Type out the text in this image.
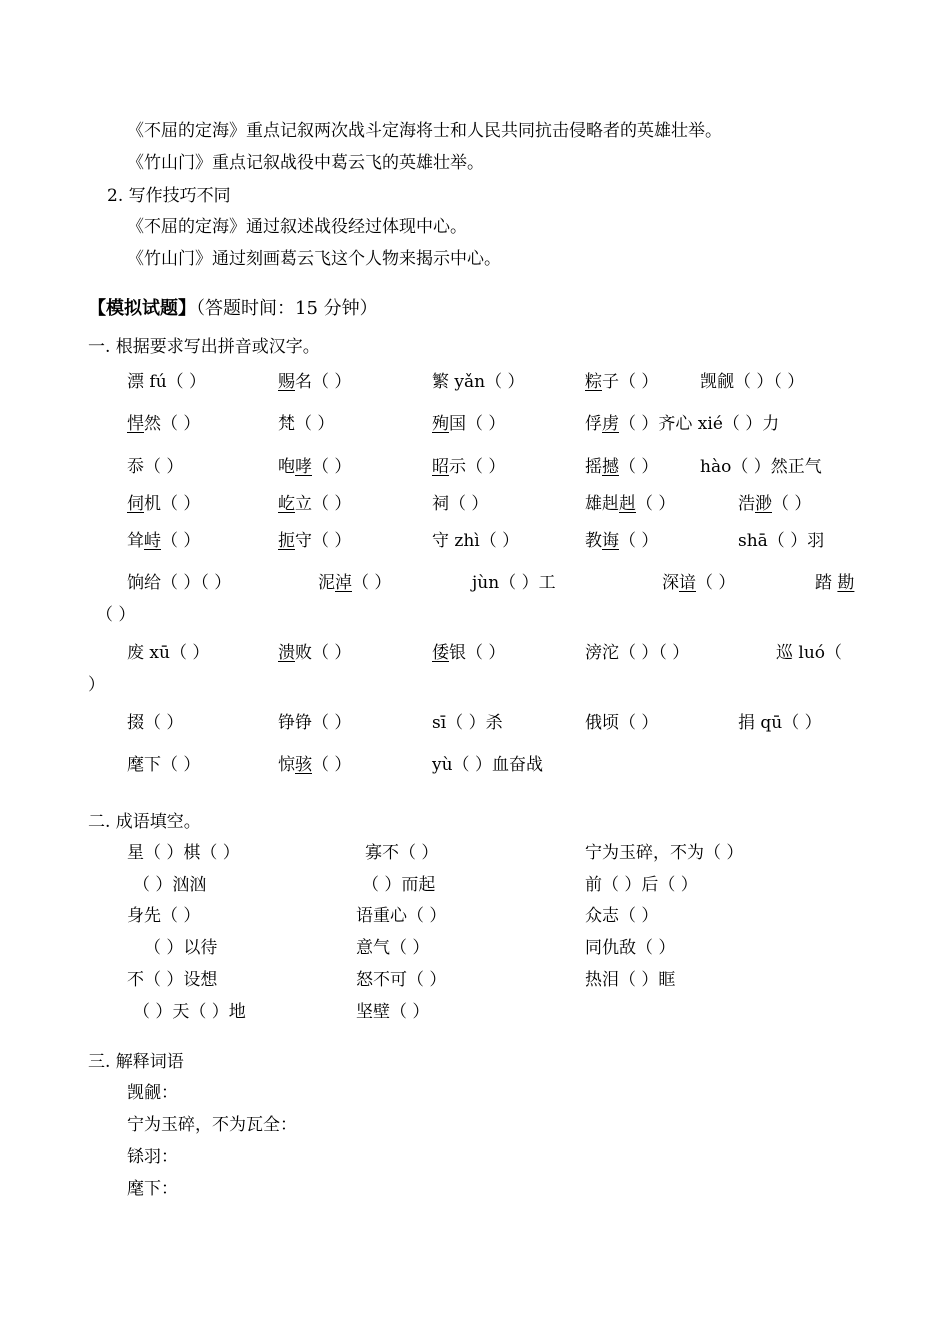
《不屈的定海》重点记叙两次战斗定海将士和人民共同抗击侵略者的英雄壮举。
《竹山门》重点记叙战役中葛云飞的英雄壮举。
2. 写作技巧不同
《不屈的定海》通过叙述战役经过体现中心。
《竹山门》通过刻画葛云飞这个人物来揭示中心。
【模拟试题】（答题时间：15 分钟）
一. 根据要求写出拼音或汉字。
漂 fú（ ）	赐名（ ）	繁 yǎn（ ）	粽子（ ） 觊觎（ ）（ ）
悍然（ ）	梵（ ）	殉国（ ）	俘虏（ ）齐心 xié（ ）力
忝（ ）	咆哮（ ）	昭示（ ）	摇撼（ ） hào（ ）然正气
伺机（ ）	屹立（ ）	祠（ ）	雄赳赳（ ）	浩渺（ ）
耸峙（ ）	扼守（ ）	守 zhì（ ）	教诲（ ）	shā（ ）羽
饷给（ ）（ ）	泥淖（ ）	jùn（ ）工	深谙（ ）	踏 勘
（ ）
废 xū（ ）	溃败（ ）	倭银（ ）	滂沱（ ）（ ）	巡 luó（
）
掇（ ）	铮铮（ ）	sī（ ）杀	俄顷（ ）	捐 qū（ ）
麾下（ ）	惊骇（ ）	yù（ ）血奋战
二. 成语填空。
星（ ）棋（ ）	寡不（ ）	宁为玉碎，不为（ ）
（ ）汹汹	（ ）而起	前（ ）后（ ）
身先（ ）	语重心（ ）	众志（ ）
（ ）以待	意气（ ）	同仇敌（ ）
不（ ）设想	怒不可（ ）	热泪（ ）眶
（ ）天（ ）地	坚壁（ ）
三. 解释词语
觊觎：
宁为玉碎，不为瓦全：
铩羽：
麾下：
